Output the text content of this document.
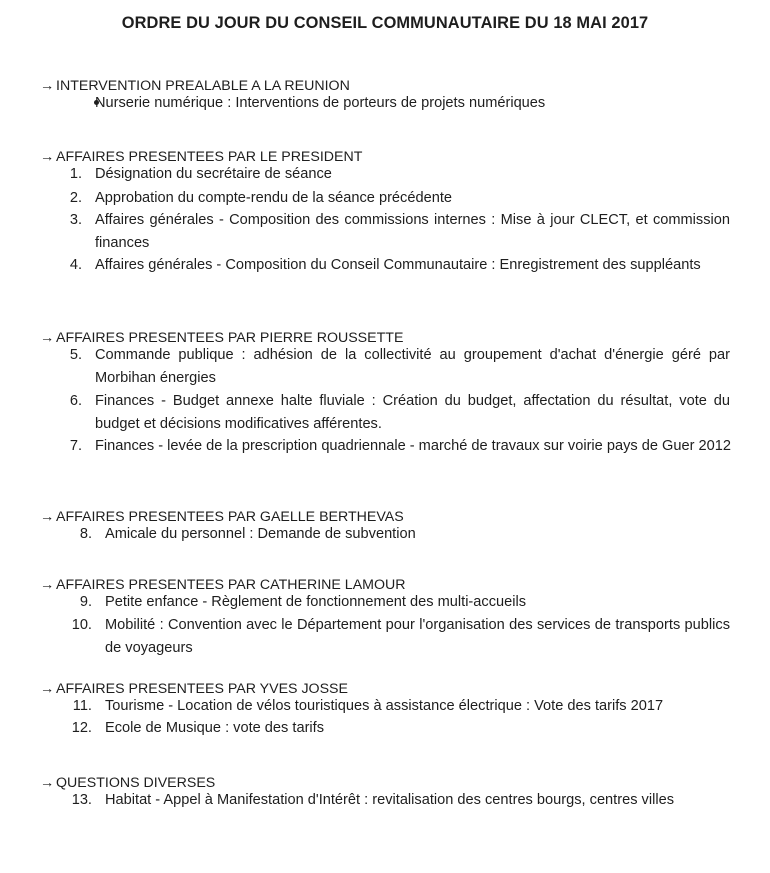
ORDRE DU JOUR DU CONSEIL COMMUNAUTAIRE DU 18 MAI 2017
→ INTERVENTION PREALABLE A LA REUNION
Nurserie numérique : Interventions de porteurs de projets numériques
→ AFFAIRES PRESENTEES PAR LE PRESIDENT
1. Désignation du secrétaire de séance
2. Approbation du compte-rendu de la séance précédente
3. Affaires générales - Composition des commissions internes : Mise à jour CLECT, et commission finances
4. Affaires générales - Composition du Conseil Communautaire : Enregistrement des suppléants
→ AFFAIRES PRESENTEES PAR PIERRE ROUSSETTE
5. Commande publique : adhésion de la collectivité au groupement d'achat d'énergie géré par Morbihan énergies
6. Finances - Budget annexe halte fluviale : Création du budget, affectation du résultat, vote du budget et décisions modificatives afférentes.
7. Finances - levée de la prescription quadriennale - marché de travaux sur voirie pays de Guer 2012
→ AFFAIRES PRESENTEES PAR GAELLE BERTHEVAS
8. Amicale du personnel : Demande de subvention
→ AFFAIRES PRESENTEES PAR CATHERINE LAMOUR
9. Petite enfance - Règlement de fonctionnement des multi-accueils
10. Mobilité : Convention avec le Département pour l'organisation des services de transports publics de voyageurs
→ AFFAIRES PRESENTEES PAR YVES JOSSE
11. Tourisme - Location de vélos touristiques à assistance électrique : Vote des tarifs 2017
12. Ecole de Musique : vote des tarifs
→ QUESTIONS DIVERSES
13. Habitat - Appel à Manifestation d'Intérêt : revitalisation des centres bourgs, centres villes
